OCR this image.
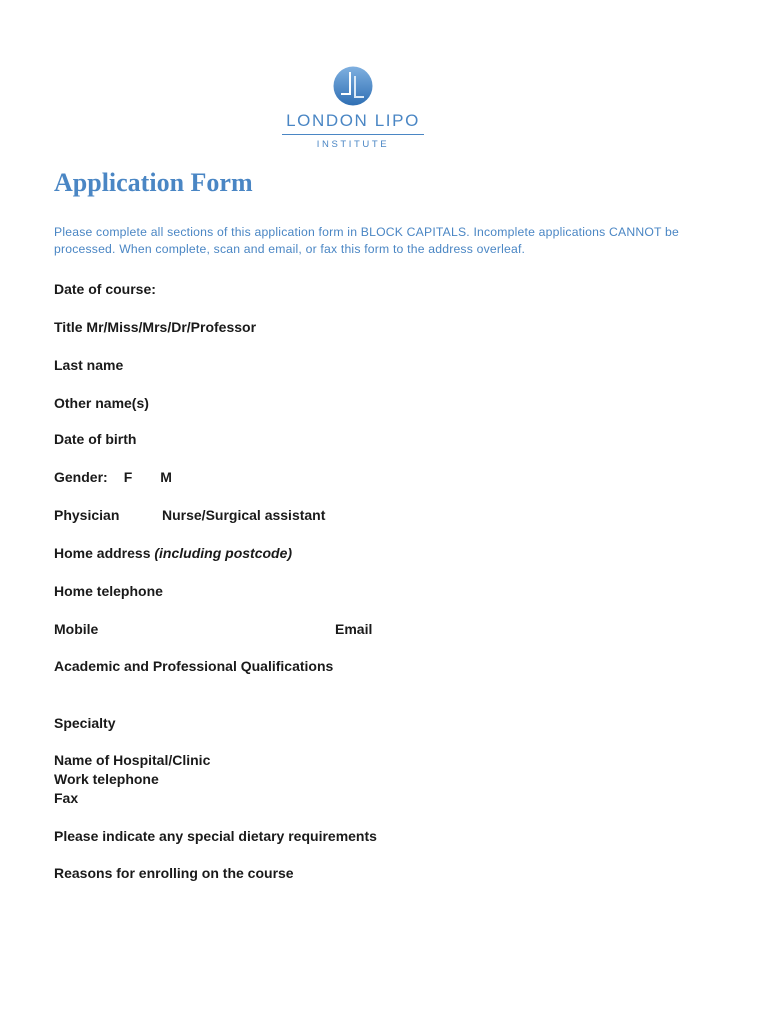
LONDON LIPO
INSTITUTE
Application Form

Please complete all sections of this application form in BLOCK CAPITALS. Incomplete applications CANNOT be processed. When complete, scan and email, or fax this form to the address overleaf.

Date of course:

Title Mr/Miss/Mrs/Dr/Professor

Last name

Other name(s)

Date of birth

Gender: F M

Physician	Nurse/Surgical assistant

Home address (including postcode)

Home telephone

Mobile	Email

Academic and Professional Qualifications

Specialty

Name of Hospital/Clinic

Work telephone

Fax

Please indicate any special dietary requirements

Reasons for enrolling on the course
